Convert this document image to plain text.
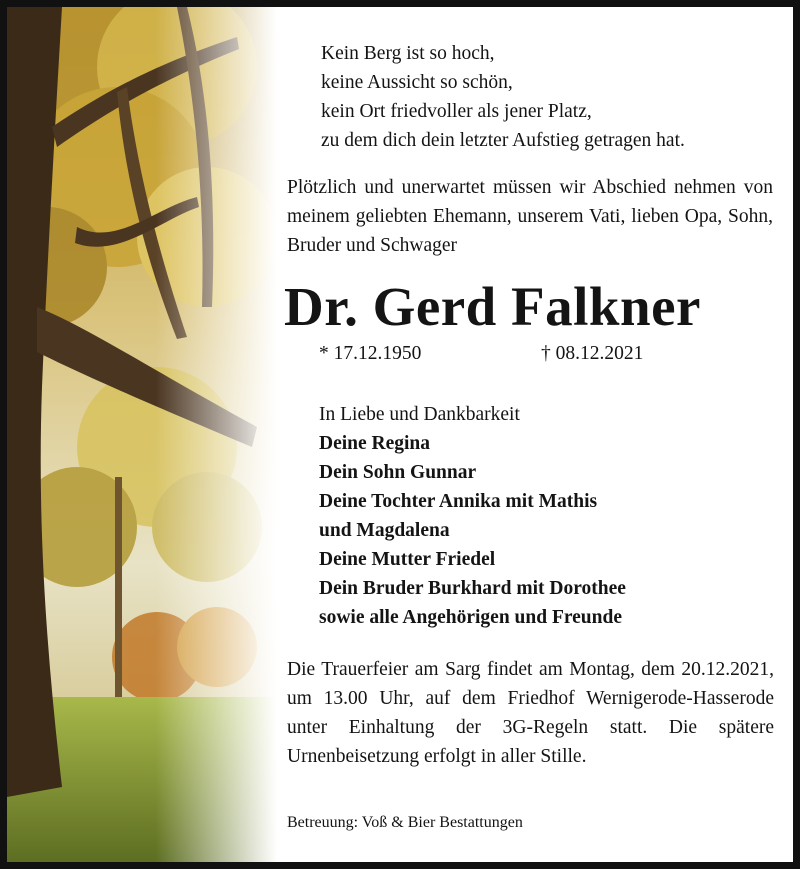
Kein Berg ist so hoch,
keine Aussicht so schön,
kein Ort friedvoller als jener Platz,
zu dem dich dein letzter Aufstieg getragen hat.
Plötzlich und unerwartet müssen wir Abschied nehmen von meinem geliebten Ehemann, unserem Vati, lieben Opa, Sohn, Bruder und Schwager
Dr. Gerd Falkner
* 17.12.1950	† 08.12.2021
In Liebe und Dankbarkeit
Deine Regina
Dein Sohn Gunnar
Deine Tochter Annika mit Mathis
und Magdalena
Deine Mutter Friedel
Dein Bruder Burkhard mit Dorothee
sowie alle Angehörigen und Freunde
Die Trauerfeier am Sarg findet am Montag, dem 20.12.2021, um 13.00 Uhr, auf dem Friedhof Wernigerode-Hasserode unter Einhaltung der 3G-Regeln statt. Die spätere Urnenbeisetzung erfolgt in aller Stille.
Betreuung: Voß & Bier Bestattungen
